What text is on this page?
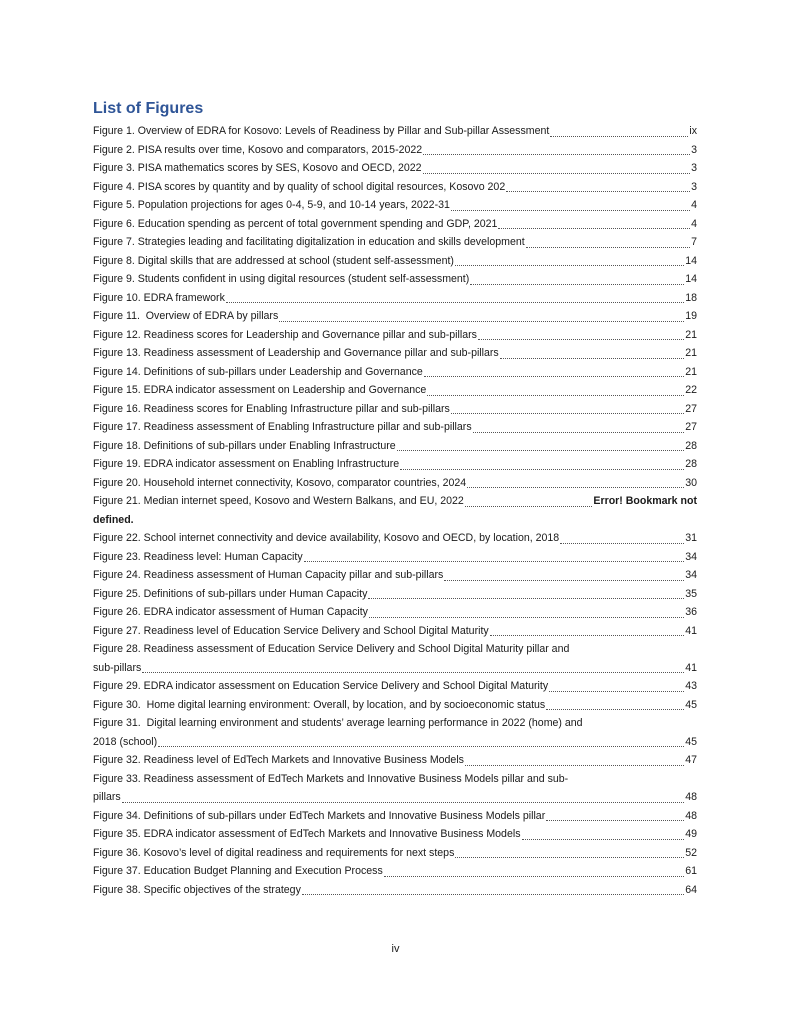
List of Figures
Figure 1. Overview of EDRA for Kosovo: Levels of Readiness by Pillar and Sub-pillar Assessment	ix
Figure 2. PISA results over time, Kosovo and comparators, 2015-2022	3
Figure 3. PISA mathematics scores by SES, Kosovo and OECD, 2022	3
Figure 4. PISA scores by quantity and by quality of school digital resources, Kosovo 202	3
Figure 5. Population projections for ages 0-4, 5-9, and 10-14 years, 2022-31	4
Figure 6. Education spending as percent of total government spending and GDP, 2021	4
Figure 7. Strategies leading and facilitating digitalization in education and skills development	7
Figure 8. Digital skills that are addressed at school (student self-assessment)	14
Figure 9. Students confident in using digital resources (student self-assessment)	14
Figure 10. EDRA framework	18
Figure 11.  Overview of EDRA by pillars	19
Figure 12. Readiness scores for Leadership and Governance pillar and sub-pillars	21
Figure 13. Readiness assessment of Leadership and Governance pillar and sub-pillars	21
Figure 14. Definitions of sub-pillars under Leadership and Governance	21
Figure 15. EDRA indicator assessment on Leadership and Governance	22
Figure 16. Readiness scores for Enabling Infrastructure pillar and sub-pillars	27
Figure 17. Readiness assessment of Enabling Infrastructure pillar and sub-pillars	27
Figure 18. Definitions of sub-pillars under Enabling Infrastructure	28
Figure 19. EDRA indicator assessment on Enabling Infrastructure	28
Figure 20. Household internet connectivity, Kosovo, comparator countries, 2024	30
Figure 21. Median internet speed, Kosovo and Western Balkans, and EU, 2022	Error! Bookmark not
defined.
Figure 22. School internet connectivity and device availability, Kosovo and OECD, by location, 2018	31
Figure 23. Readiness level: Human Capacity	34
Figure 24. Readiness assessment of Human Capacity pillar and sub-pillars	34
Figure 25. Definitions of sub-pillars under Human Capacity	35
Figure 26. EDRA indicator assessment of Human Capacity	36
Figure 27. Readiness level of Education Service Delivery and School Digital Maturity	41
Figure 28. Readiness assessment of Education Service Delivery and School Digital Maturity pillar and
sub-pillars	41
Figure 29. EDRA indicator assessment on Education Service Delivery and School Digital Maturity	43
Figure 30.  Home digital learning environment: Overall, by location, and by socioeconomic status	45
Figure 31.  Digital learning environment and students’ average learning performance in 2022 (home) and
2018 (school)	45
Figure 32. Readiness level of EdTech Markets and Innovative Business Models	47
Figure 33. Readiness assessment of EdTech Markets and Innovative Business Models pillar and sub-
pillars	48
Figure 34. Definitions of sub-pillars under EdTech Markets and Innovative Business Models pillar	48
Figure 35. EDRA indicator assessment of EdTech Markets and Innovative Business Models	49
Figure 36. Kosovo’s level of digital readiness and requirements for next steps	52
Figure 37. Education Budget Planning and Execution Process	61
Figure 38. Specific objectives of the strategy	64
iv
